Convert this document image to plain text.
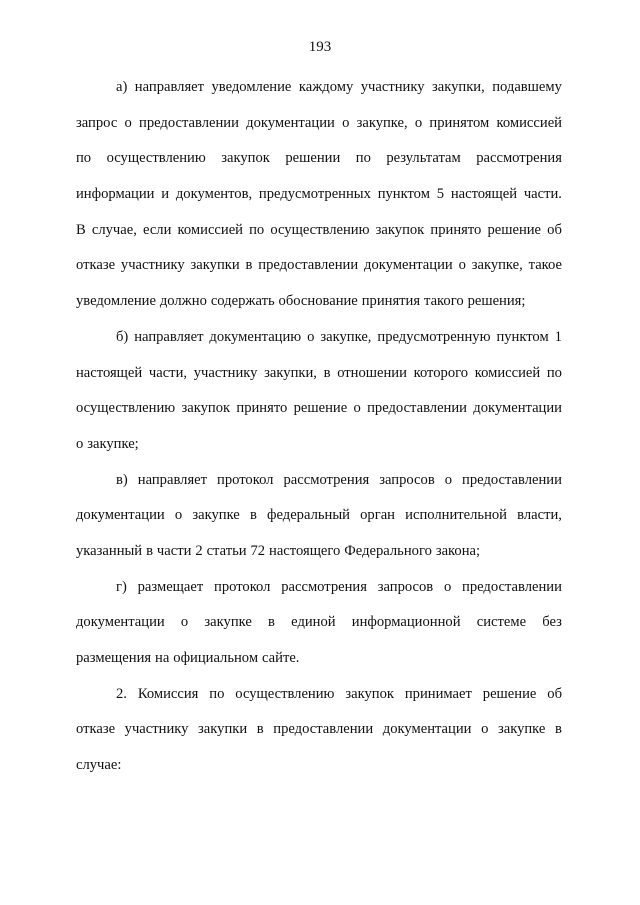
193
а) направляет уведомление каждому участнику закупки, подавшему
запрос о предоставлении документации о закупке, о принятом комиссией
по осуществлению закупок решении по результатам рассмотрения
информации и документов, предусмотренных пунктом 5 настоящей части.
В случае, если комиссией по осуществлению закупок принято решение об
отказе участнику закупки в предоставлении документации о закупке, такое
уведомление должно содержать обоснование принятия такого решения;
б) направляет документацию о закупке, предусмотренную пунктом 1
настоящей части, участнику закупки, в отношении которого комиссией по
осуществлению закупок принято решение о предоставлении документации
о закупке;
в) направляет протокол рассмотрения запросов о предоставлении
документации о закупке в федеральный орган исполнительной власти,
указанный в части 2 статьи 72 настоящего Федерального закона;
г) размещает протокол рассмотрения запросов о предоставлении
документации о закупке в единой информационной системе без
размещения на официальном сайте.
2. Комиссия по осуществлению закупок принимает решение об
отказе участнику закупки в предоставлении документации о закупке в
случае:
